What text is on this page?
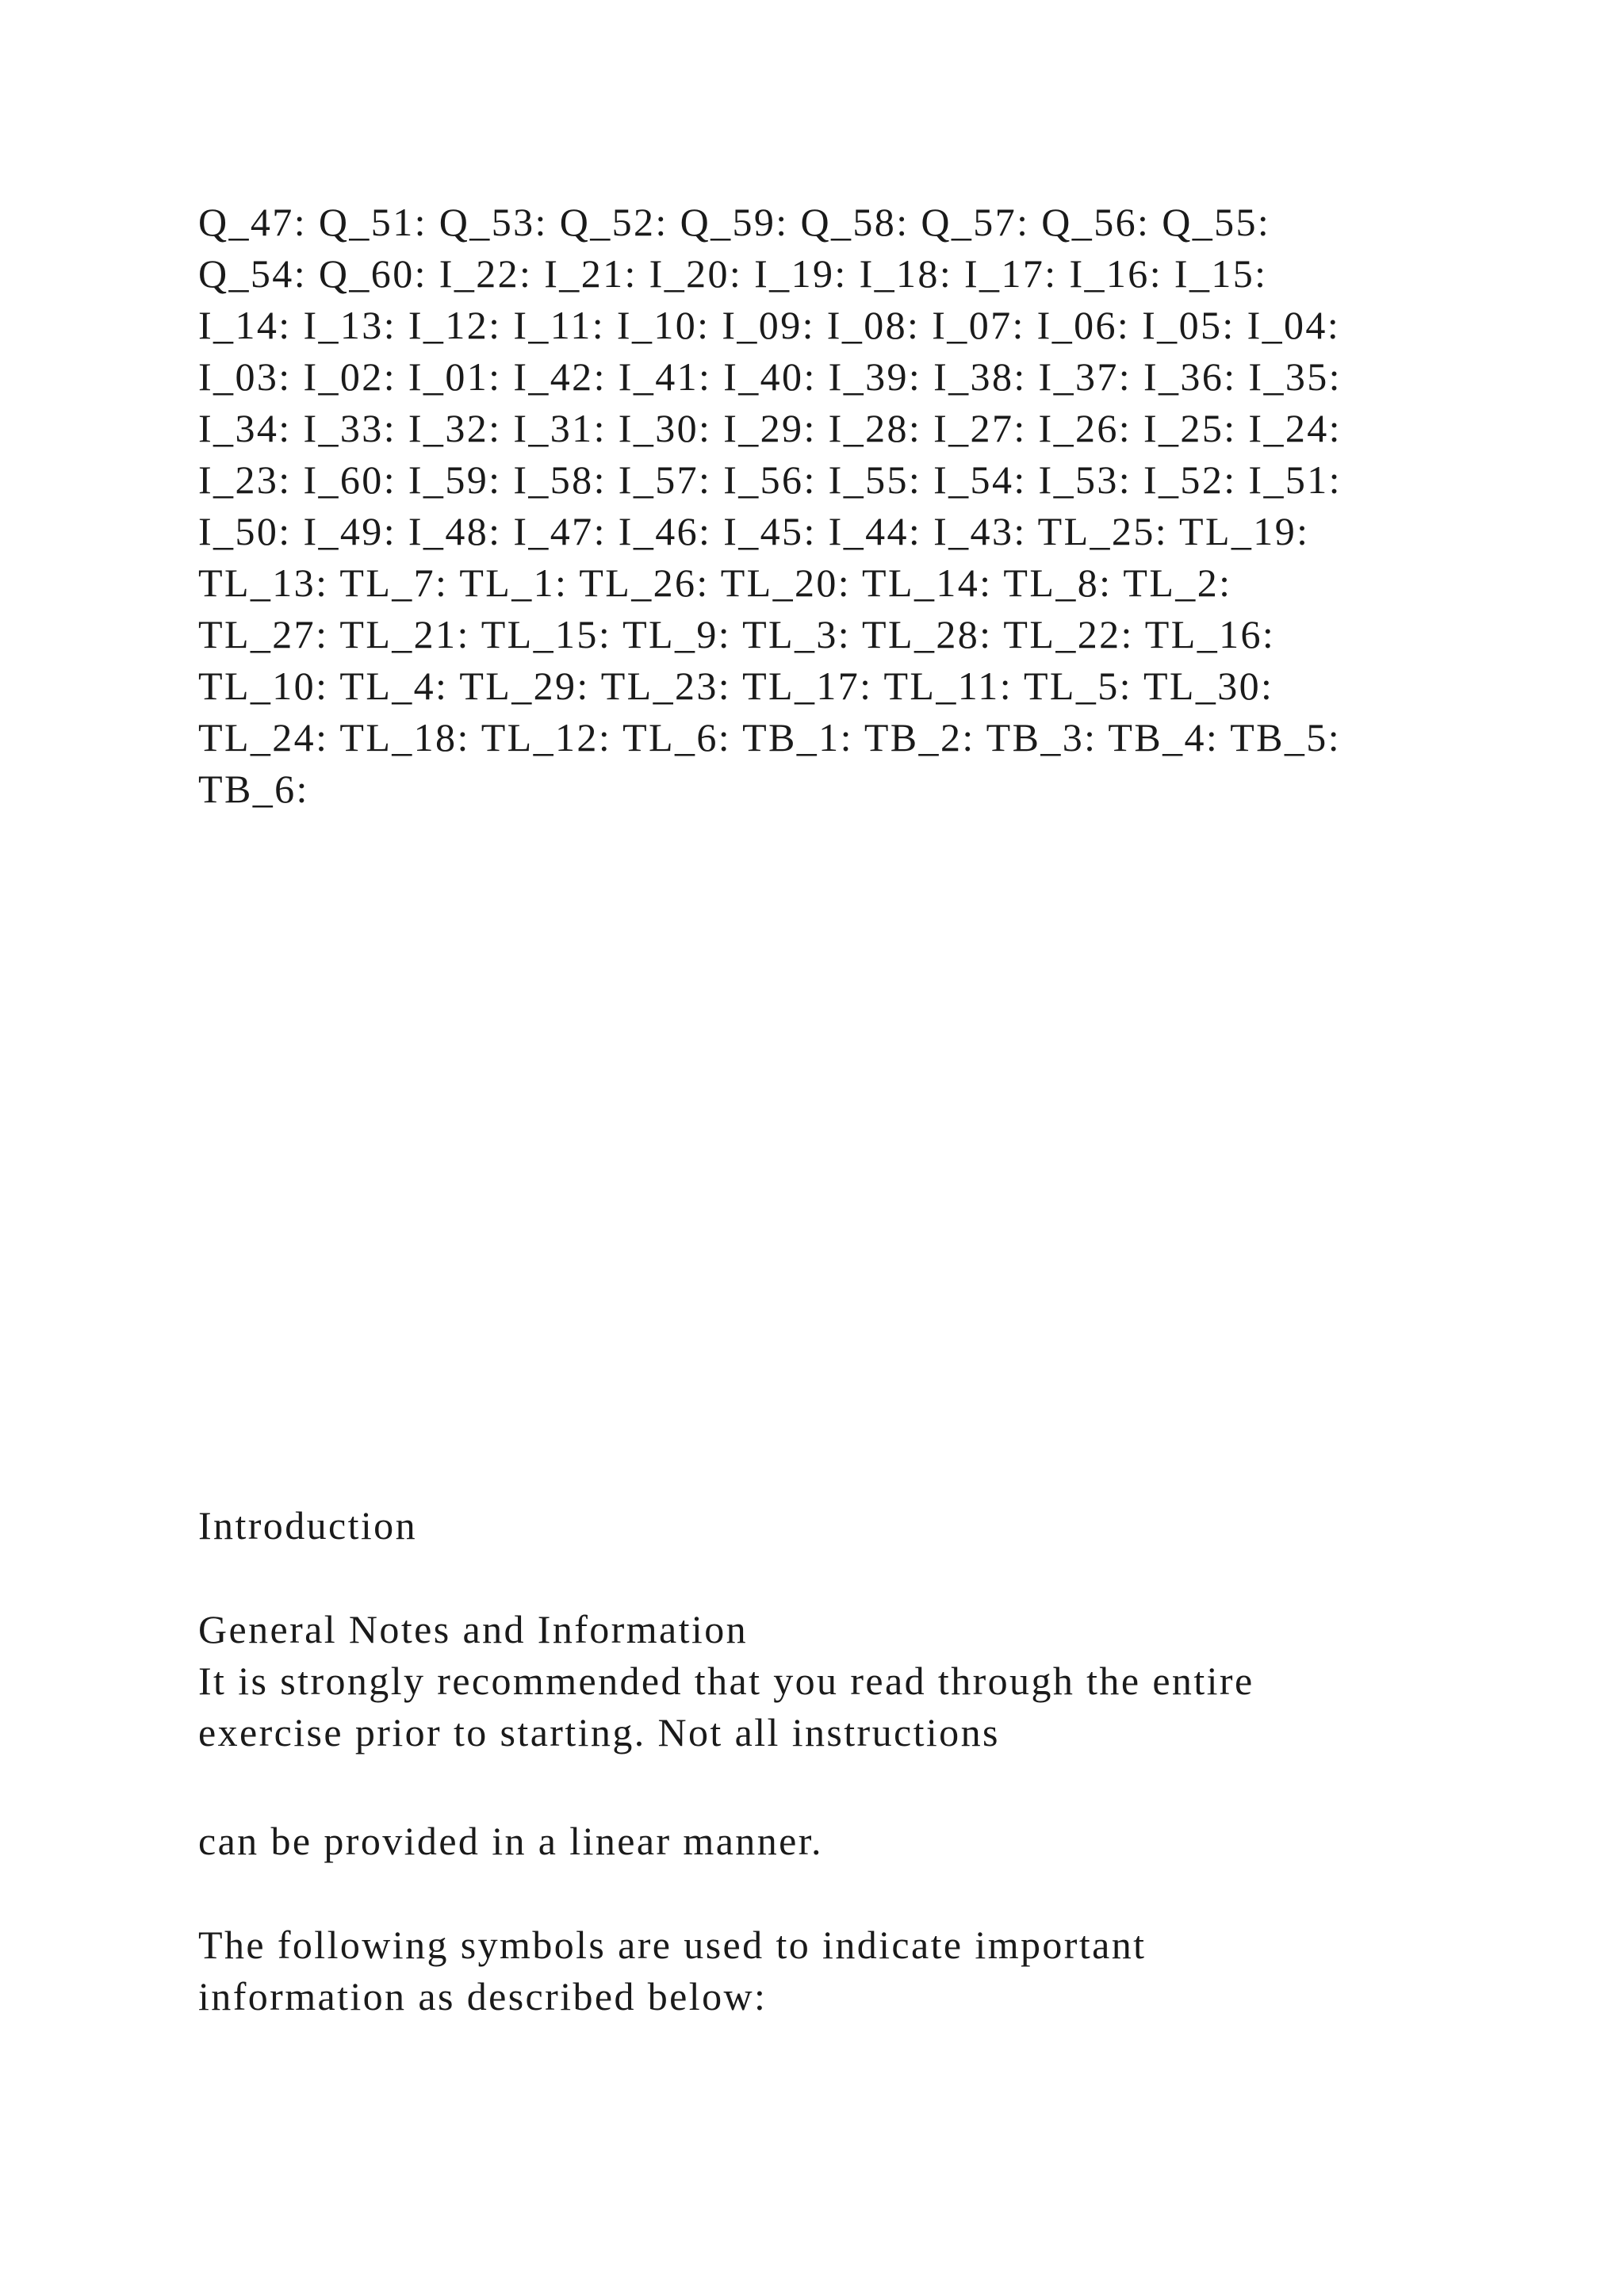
Q_47: Q_51: Q_53: Q_52: Q_59: Q_58: Q_57: Q_56: Q_55:
Q_54: Q_60: I_22: I_21: I_20: I_19: I_18: I_17: I_16: I_15:
I_14: I_13: I_12: I_11: I_10: I_09: I_08: I_07: I_06: I_05: I_04:
I_03: I_02: I_01: I_42: I_41: I_40: I_39: I_38: I_37: I_36: I_35:
I_34: I_33: I_32: I_31: I_30: I_29: I_28: I_27: I_26: I_25: I_24:
I_23: I_60: I_59: I_58: I_57: I_56: I_55: I_54: I_53: I_52: I_51:
I_50: I_49: I_48: I_47: I_46: I_45: I_44: I_43: TL_25: TL_19:
TL_13: TL_7: TL_1: TL_26: TL_20: TL_14: TL_8: TL_2:
TL_27: TL_21: TL_15: TL_9: TL_3: TL_28: TL_22: TL_16:
TL_10: TL_4: TL_29: TL_23: TL_17: TL_11: TL_5: TL_30:
TL_24: TL_18: TL_12: TL_6: TB_1: TB_2: TB_3: TB_4: TB_5:
TB_6:
Introduction
General Notes and Information
It is strongly recommended that you read through the entire
exercise prior to starting. Not all instructions
can be provided in a linear manner.
The following symbols are used to indicate important
information as described below:
